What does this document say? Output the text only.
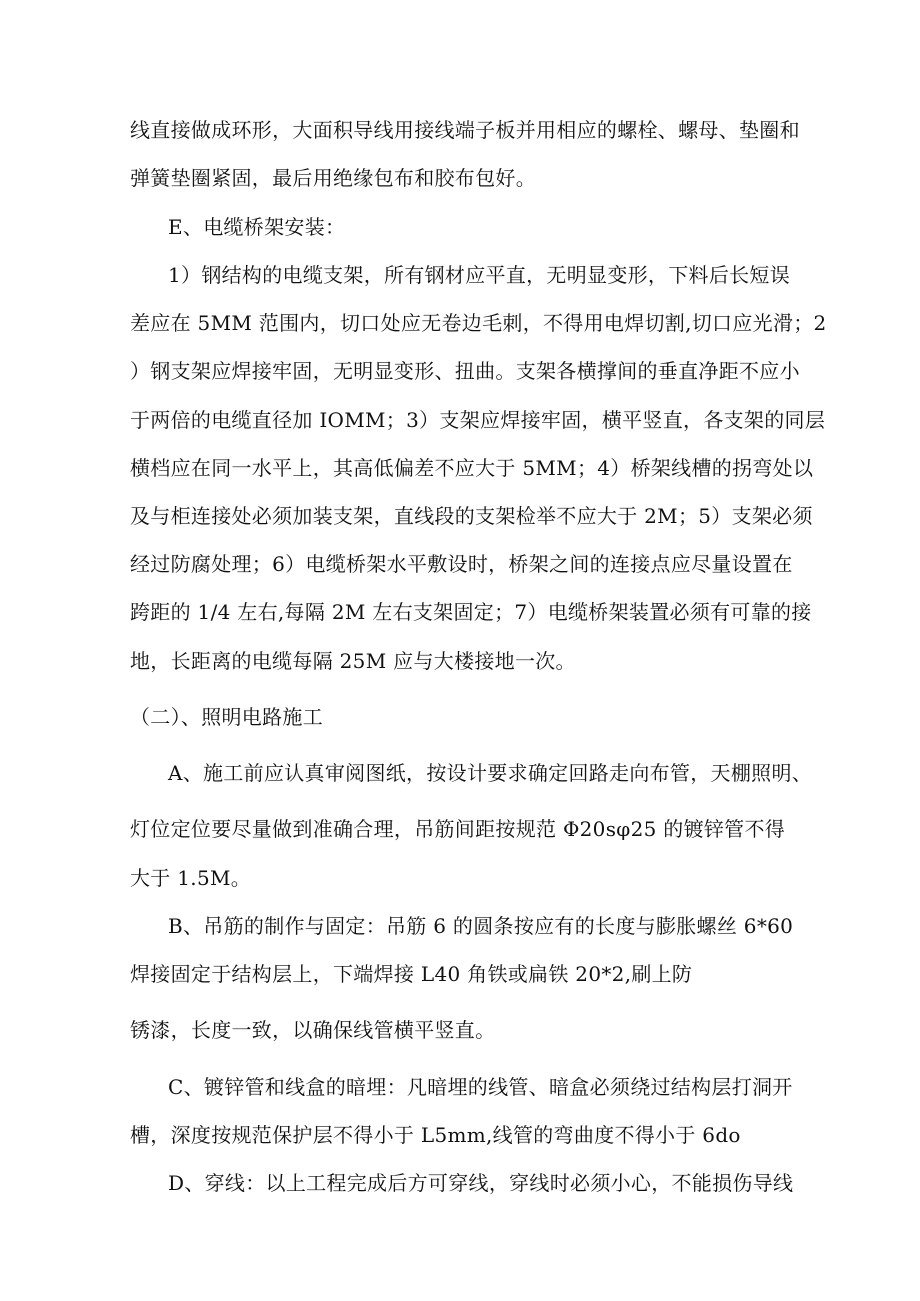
线直接做成环形，大面积导线用接线端子板并用相应的螺栓、螺母、垫圈和
弹簧垫圈紧固，最后用绝缘包布和胶布包好。
E、电缆桥架安装：
1）钢结构的电缆支架，所有钢材应平直，无明显变形，下料后长短误
差应在 5MM 范围内，切口处应无卷边毛刺，不得用电焊切割,切口应光滑；2
）钢支架应焊接牢固，无明显变形、扭曲。支架各横撑间的垂直净距不应小
于两倍的电缆直径加 IOMM；3）支架应焊接牢固，横平竖直，各支架的同层
横档应在同一水平上，其高低偏差不应大于 5MM；4）桥架线槽的拐弯处以
及与柜连接处必须加装支架，直线段的支架检举不应大于 2M；5）支架必须
经过防腐处理；6）电缆桥架水平敷设时，桥架之间的连接点应尽量设置在
跨距的 1/4 左右,每隔 2M 左右支架固定；7）电缆桥架装置必须有可靠的接
地，长距离的电缆每隔 25M 应与大楼接地一次。
（二）、照明电路施工
A、施工前应认真审阅图纸，按设计要求确定回路走向布管，天棚照明、
灯位定位要尽量做到准确合理，吊筋间距按规范 Φ20sφ25 的镀锌管不得
大于 1.5M。
B、吊筋的制作与固定：吊筋 6 的圆条按应有的长度与膨胀螺丝 6*60
焊接固定于结构层上，下端焊接 L40 角铁或扁铁 20*2,刷上防
锈漆，长度一致，以确保线管横平竖直。
C、镀锌管和线盒的暗埋：凡暗埋的线管、暗盒必须绕过结构层打洞开
槽，深度按规范保护层不得小于 L5mm,线管的弯曲度不得小于 6do
D、穿线：以上工程完成后方可穿线，穿线时必须小心，不能损伤导线
